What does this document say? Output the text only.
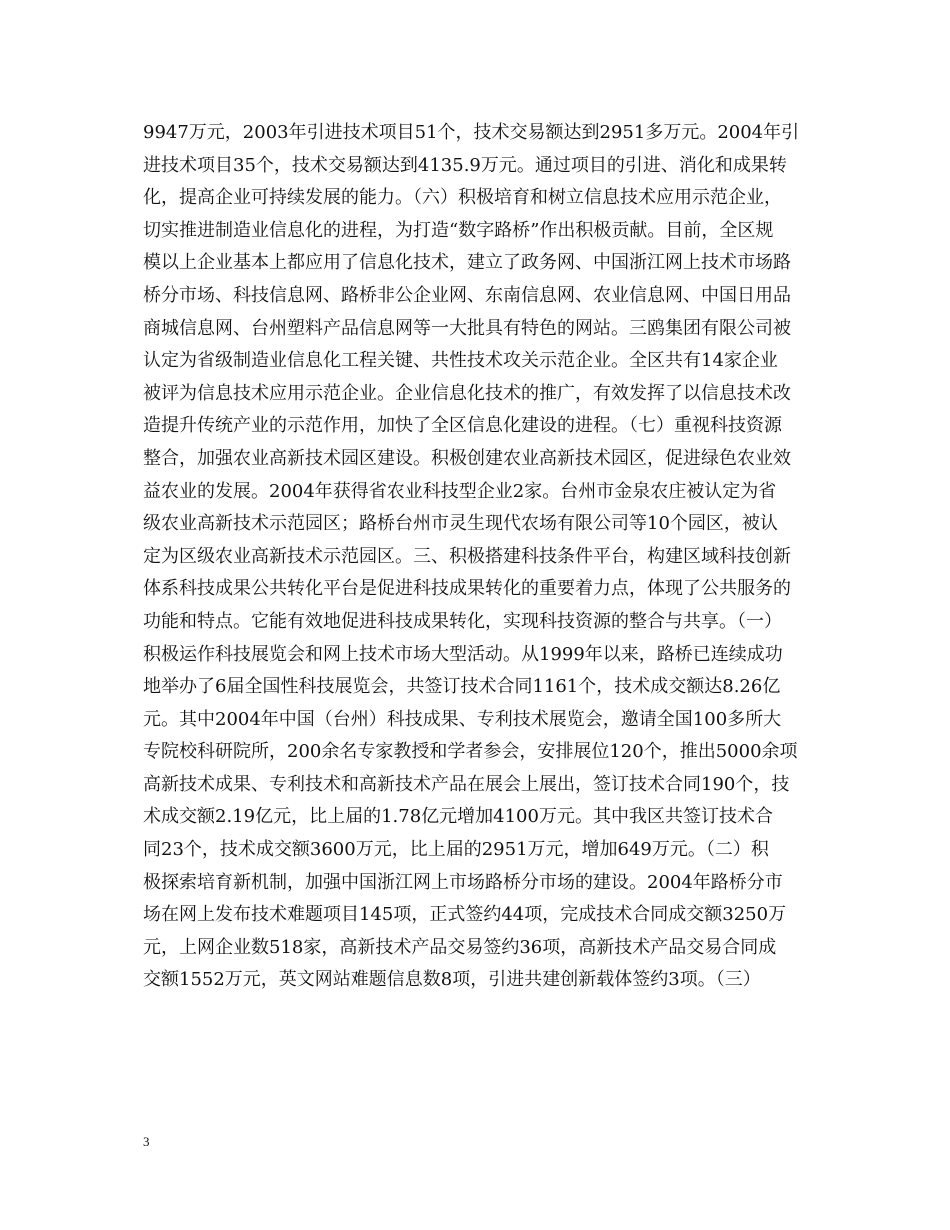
9947万元，2003年引进技术项目51个，技术交易额达到2951多万元。2004年引
进技术项目35个，技术交易额达到4135.9万元。通过项目的引进、消化和成果转
化，提高企业可持续发展的能力。（六）积极培育和树立信息技术应用示范企业，
切实推进制造业信息化的进程，为打造“数字路桥”作出积极贡献。目前，全区规
模以上企业基本上都应用了信息化技术，建立了政务网、中国浙江网上技术市场路
桥分市场、科技信息网、路桥非公企业网、东南信息网、农业信息网、中国日用品
商城信息网、台州塑料产品信息网等一大批具有特色的网站。三鸥集团有限公司被
认定为省级制造业信息化工程关键、共性技术攻关示范企业。全区共有14家企业
被评为信息技术应用示范企业。企业信息化技术的推广，有效发挥了以信息技术改
造提升传统产业的示范作用，加快了全区信息化建设的进程。（七）重视科技资源
整合，加强农业高新技术园区建设。积极创建农业高新技术园区，促进绿色农业效
益农业的发展。2004年获得省农业科技型企业2家。台州市金泉农庄被认定为省
级农业高新技术示范园区；路桥台州市灵生现代农场有限公司等10个园区，被认
定为区级农业高新技术示范园区。三、积极搭建科技条件平台，构建区域科技创新
体系科技成果公共转化平台是促进科技成果转化的重要着力点，体现了公共服务的
功能和特点。它能有效地促进科技成果转化，实现科技资源的整合与共享。（一）
积极运作科技展览会和网上技术市场大型活动。从1999年以来，路桥已连续成功
地举办了6届全国性科技展览会，共签订技术合同1161个，技术成交额达8.26亿
元。其中2004年中国（台州）科技成果、专利技术展览会，邀请全国100多所大
专院校科研院所，200余名专家教授和学者参会，安排展位120个，推出5000余项
高新技术成果、专利技术和高新技术产品在展会上展出，签订技术合同190个，技
术成交额2.19亿元，比上届的1.78亿元增加4100万元。其中我区共签订技术合
同23个，技术成交额3600万元，比上届的2951万元，增加649万元。（二）积
极探索培育新机制，加强中国浙江网上市场路桥分市场的建设。2004年路桥分市
场在网上发布技术难题项目145项，正式签约44项，完成技术合同成交额3250万
元，上网企业数518家，高新技术产品交易签约36项，高新技术产品交易合同成
交额1552万元，英文网站难题信息数8项，引进共建创新载体签约3项。（三）
3
